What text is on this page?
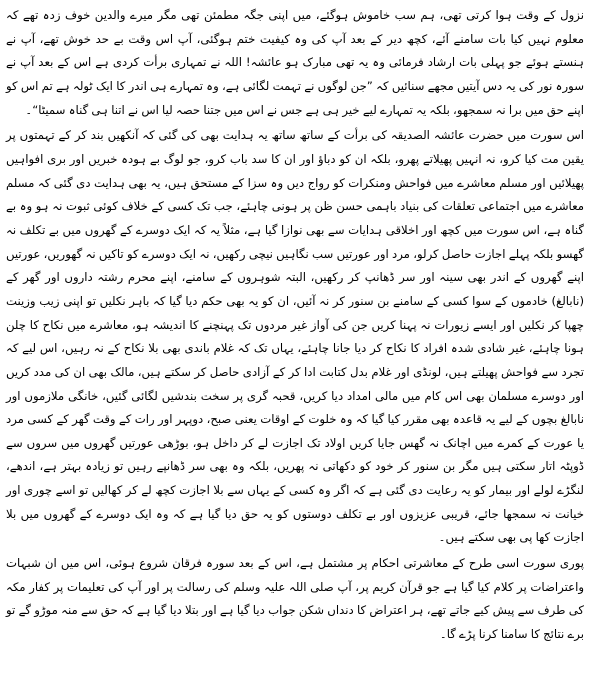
نزول کے وقت ہوا کرتی تھی، ہم سب خاموش ہوگئے، میں اپنی جگہ مطمئن تھی مگر میرے والدین خوف زدہ تھے کہ معلوم نہیں کیا بات سامنے آئے، کچھ دیر کے بعد آپ کی وہ کیفیت ختم ہوگئی، آپ اس وقت بے حد خوش تھے، آپ نے ہنستے ہوئے جو پہلی بات ارشاد فرمائی وہ یہ تھی مبارک ہو عائشہ! اللہ نے تمہاری برأت کردی ہے اس کے بعد آپ نے سورہ نور کی یہ دس آیتیں مجھے سنائیں کہ ”جن لوگوں نے تہمت لگائی ہے، وہ تمہارے ہی اندر کا ایک ٹولہ ہے تم اس کو اپنے حق میں برا نہ سمجھو، بلکہ یہ تمہارے لیے خیر ہی ہے جس نے اس میں جتنا حصہ لیا اس نے اتنا ہی گناہ سمیٹا“۔

اس سورت میں حضرت عائشہ الصدیقہ کی برأت کے ساتھ ساتھ یہ ہدایت بھی کی گئی کہ آنکھیں بند کر کے تہمتوں پر یقین مت کیا کرو، نہ انہیں پھیلاتے پھرو، بلکہ ان کو دباؤ اور ان کا سد باب کرو، جو لوگ بے ہودہ خبریں اور بری افواہیں پھیلائیں اور مسلم معاشرے میں فواحش ومنکرات کو رواج دیں وہ سزا کے مستحق ہیں، یہ بھی ہدایت دی گئی کہ مسلم معاشرے میں اجتماعی تعلقات کی بنیاد باہمی حسن ظن پر ہونی چاہئے، جب تک کسی کے خلاف کوئی ثبوت نہ ہو وہ بے گناہ ہے، اس سورت میں کچھ اور اخلاقی ہدایات سے بھی نوازا گیا ہے، مثلاً یہ کہ ایک دوسرے کے گھروں میں بے تکلف نہ گھسو بلکہ پہلے اجازت حاصل کرلو، مرد اور عورتیں سب نگاہیں نیچی رکھیں، نہ ایک دوسرے کو تاکیں نہ گھوریں، عورتیں اپنے گھروں کے اندر بھی سینہ اور سر ڈھانپ کر رکھیں، البتہ شوہروں کے سامنے، اپنے محرم رشتہ داروں اور گھر کے (نابالغ) خادموں کے سوا کسی کے سامنے بن سنور کر نہ آئیں، ان کو یہ بھی حکم دیا گیا کہ باہر نکلیں تو اپنی زیب وزینت چھپا کر نکلیں اور ایسے زیورات نہ پہنا کریں جن کی آواز غیر مردوں تک پہنچنے کا اندیشہ ہو، معاشرے میں نکاح کا چلن ہونا چاہئے، غیر شادی شدہ افراد کا نکاح کر دیا جانا چاہئے، یہاں تک کہ غلام باندی بھی بلا نکاح کے نہ رہیں، اس لیے کہ تجرد سے فواحش پھیلتے ہیں، لونڈی اور غلام بدل کتابت ادا کر کے آزادی حاصل کر سکتے ہیں، مالک بھی ان کی مدد کریں اور دوسرے مسلمان بھی اس کام میں مالی امداد دیا کریں، قحبہ گری پر سخت بندشیں لگائی گئیں، خانگی ملازموں اور نابالغ بچوں کے لیے یہ قاعدہ بھی مقرر کیا گیا کہ وہ خلوت کے اوقات یعنی صبح، دوپہر اور رات کے وقت گھر کے کسی مرد یا عورت کے کمرے میں اچانک نہ گھس جایا کریں اولاد تک اجازت لے کر داخل ہو، بوڑھی عورتیں گھروں میں سروں سے ڈوپٹہ اتار سکتی ہیں مگر بن سنور کر خود کو دکھاتی نہ پھریں، بلکہ وہ بھی سر ڈھانپے رہیں تو زیادہ بہتر ہے، اندھے، لنگڑے لولے اور بیمار کو یہ رعایت دی گئی ہے کہ اگر وہ کسی کے یہاں سے بلا اجازت کچھ لے کر کھالیں تو اسے چوری اور خیانت نہ سمجھا جائے، قریبی عزیزوں اور بے تکلف دوستوں کو یہ حق دیا گیا ہے کہ وہ ایک دوسرے کے گھروں میں بلا اجازت کھا پی بھی سکتے ہیں۔

پوری سورت اسی طرح کے معاشرتی احکام پر مشتمل ہے، اس کے بعد سورہ فرقان شروع ہوئی، اس میں ان شبہات واعتراضات پر کلام کیا گیا ہے جو قرآن کریم پر، آپ صلی اللہ علیہ وسلم کی رسالت پر اور آپ کی تعلیمات پر کفار مکہ کی طرف سے پیش کیے جاتے تھے، ہر اعتراض کا دنداں شکن جواب دیا گیا ہے اور بتلا دیا گیا ہے کہ حق سے منہ موڑو گے تو برے نتائج کا سامنا کرنا پڑے گا۔
